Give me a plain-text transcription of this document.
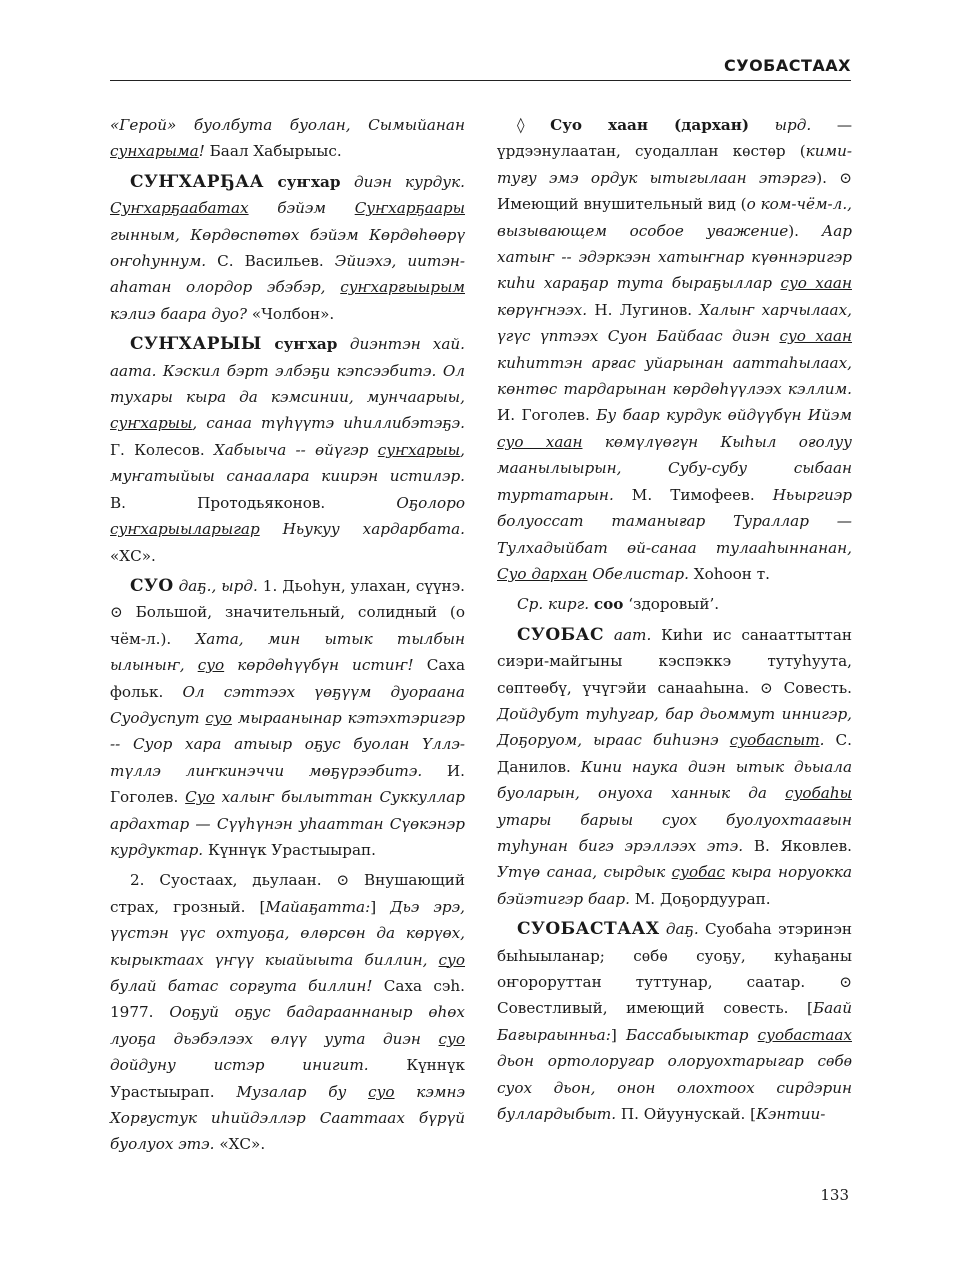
СУОБАСТААХ

«Герой» буолбута буолан, Сымыйанан сунхарыма! Баал Хабырыыс.

СУҤХАРҔАА суҥхар диэн курдук. Суҥхарҕаабатах бэйэм Суҥхарҕаары гынным, Көрдөспөтөх бэйэм Көрдөһөөрү оҥоһуннум. С. Васильев. Эйиэхэ, иитэн-аһатан олордор эбэбэр, суҥхарғыырым кэлиэ баара дуо? «Чолбон».

СУҤХАРЫЫ суҥхар диэнтэн хай. аата. Кэскил бэрт элбэҕи кэпсээбитэ. Ол тухары кыра да кэмсинии, мунчаарыы, суҥхарыы, санаа түһүүтэ иһиллибэтэҕэ. Г. Колесов. Хабыыча -- өйүгэр суҥхарыы, муҥатыйыы санаалара киирэн истилэр. В. Протодьяконов. Оҕолоро суҥхарыыларыгар Ньукуу хардарбата. «ХС».

СУО даҕ., ырд. 1. Дьоһун, улахан, сүүнэ. ⊙ Большой, значительный, солидный (о чём-л.). Хата, мин ытык тылбын ылыныҥ, суо көрдөһүүбүн истиҥ! Саха фольк. Ол сэттээх үөҕүүм дуораана Суодуспут суо мыраанынар кэтэхтэригэр -- Суор хара атыыр оҕус буолан Үллэ-түллэ лиҥкинэччи мөҕүрээбитэ. И. Гоголев. Суо халыҥ былыттан Суккуллар ардахтар — Сүүһүнэн уһааттан Сүөкэнэр курдуктар. Күннүк Урастыырап.

2. Суостаах, дьулаан. ⊙ Внушающий страх, грозный. [Майаҕатта:] Дьэ эрэ, үүстэн үүс охтуоҕа, өлөрсөн да көрүөх, кырыктаах үҥүү кыайыыта биллин, суо булай батас сорғута биллин! Саха сэһ. 1977. Ооҕуй оҕус бадарааннаныр өһөх луоҕа дьэбэлээх өлүү уута диэн суо дойдуну истэр инигит. Күннүк Урастыырап. Музалар бу суо кэмнэ Хорғустук иһийдэллэр Сааттаах бүрүй буолуох этэ. «ХС».

◊ Суо хаан (дархан) ырд. — үрдээнулаатан, суодаллан кѳстѳр (кими-туғу эмэ ордук ытыгылаан этэргэ). ⊙ Имеющий внушительный вид (о ком-чём-л., вызывающем особое уважение). Аар хатыҥ -- эдэркээн хатыҥнар күөннэригэр киһи хараҕар тута быраҕыллар суо хаан көрүҥнээх. Н. Лугинов. Халыҥ харчылаах, үгүс үптээх Суон Байбаас диэн суо хаан киһиттэн арғас уйарынан ааттаһылаах, көнтөс тардарынан көрдөһүүлээх кэллим. И. Гоголев. Бу баар курдук өйдүүбүн Ийэм суо хаан көмүлүөгүн Кыһыл оғолуу маанылыырын, Субу-субу сыбаан туртатарын. М. Тимофеев. Ньыргиэр болуоссат таманығар Тураллар — Тулхадыйбат өй-санаа тулааһыннанан, Суо дархан Обелистар. Хоһоон т.

Ср. кирг. соо ‘здоровый’.

СУОБАС аат. Киһи ис санааттыттан сиэри-майгыны кэспэккэ тутуһуута, сѳптѳѳбү, үчүгэйи санааһына. ⊙ Совесть. Дойдубут туһугар, бар дьоммут иннигэр, Доҕоруом, ыраас биһиэнэ суобаспыт. С. Данилов. Кини наука диэн ытык дьыала буоларын, онуоха ханнык да суобаһы утары барыы суох буолуохтаағын туһунан бигэ эрэллээх этэ. В. Яковлев. Утүө санаа, сырдык суобас кыра норуокка бэйэтигэр баар. М. Доҕордуурап.

СУОБАСТААХ даҕ. Суобаһа этэринэн быһыыланар; сѳбѳ суоҕу, куһаҕаны оҥороруттан туттунар, саатар. ⊙ Совестливый, имеющий совесть. [Баай Бағыраынньа:] Бассабыыктар суобастаах дьон ортолоругар олоруохтарыгар сѳбѳ суох дьон, онон олохтоох сирдэрин буллардыбыт. П. Ойуунускай. [Кэнтии-

133
